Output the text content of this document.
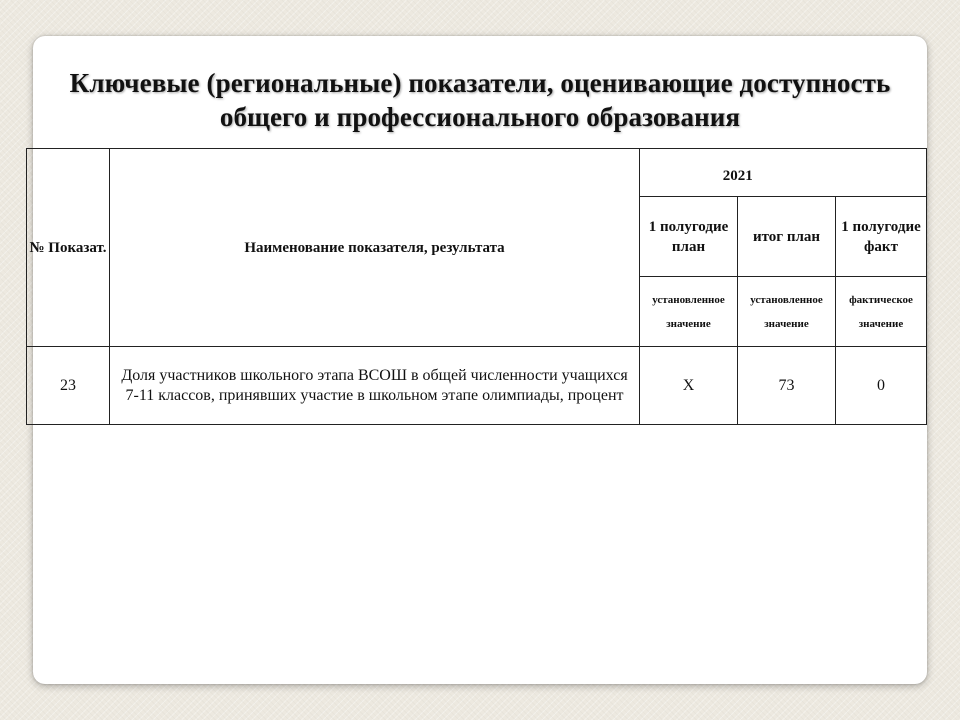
Ключевые (региональные) показатели, оценивающие доступность
общего и профессионального образования
№ Показат.	Наименование показателя, результата	2021		
		1 полугодие план	итог план	1 полугодие факт
		установленное значение	установленное значение	фактическое значение
23	Доля участников школьного этапа ВСОШ в общей численности учащихся 7-11 классов, принявших участие в школьном этапе олимпиады, процент	Х	73	0
